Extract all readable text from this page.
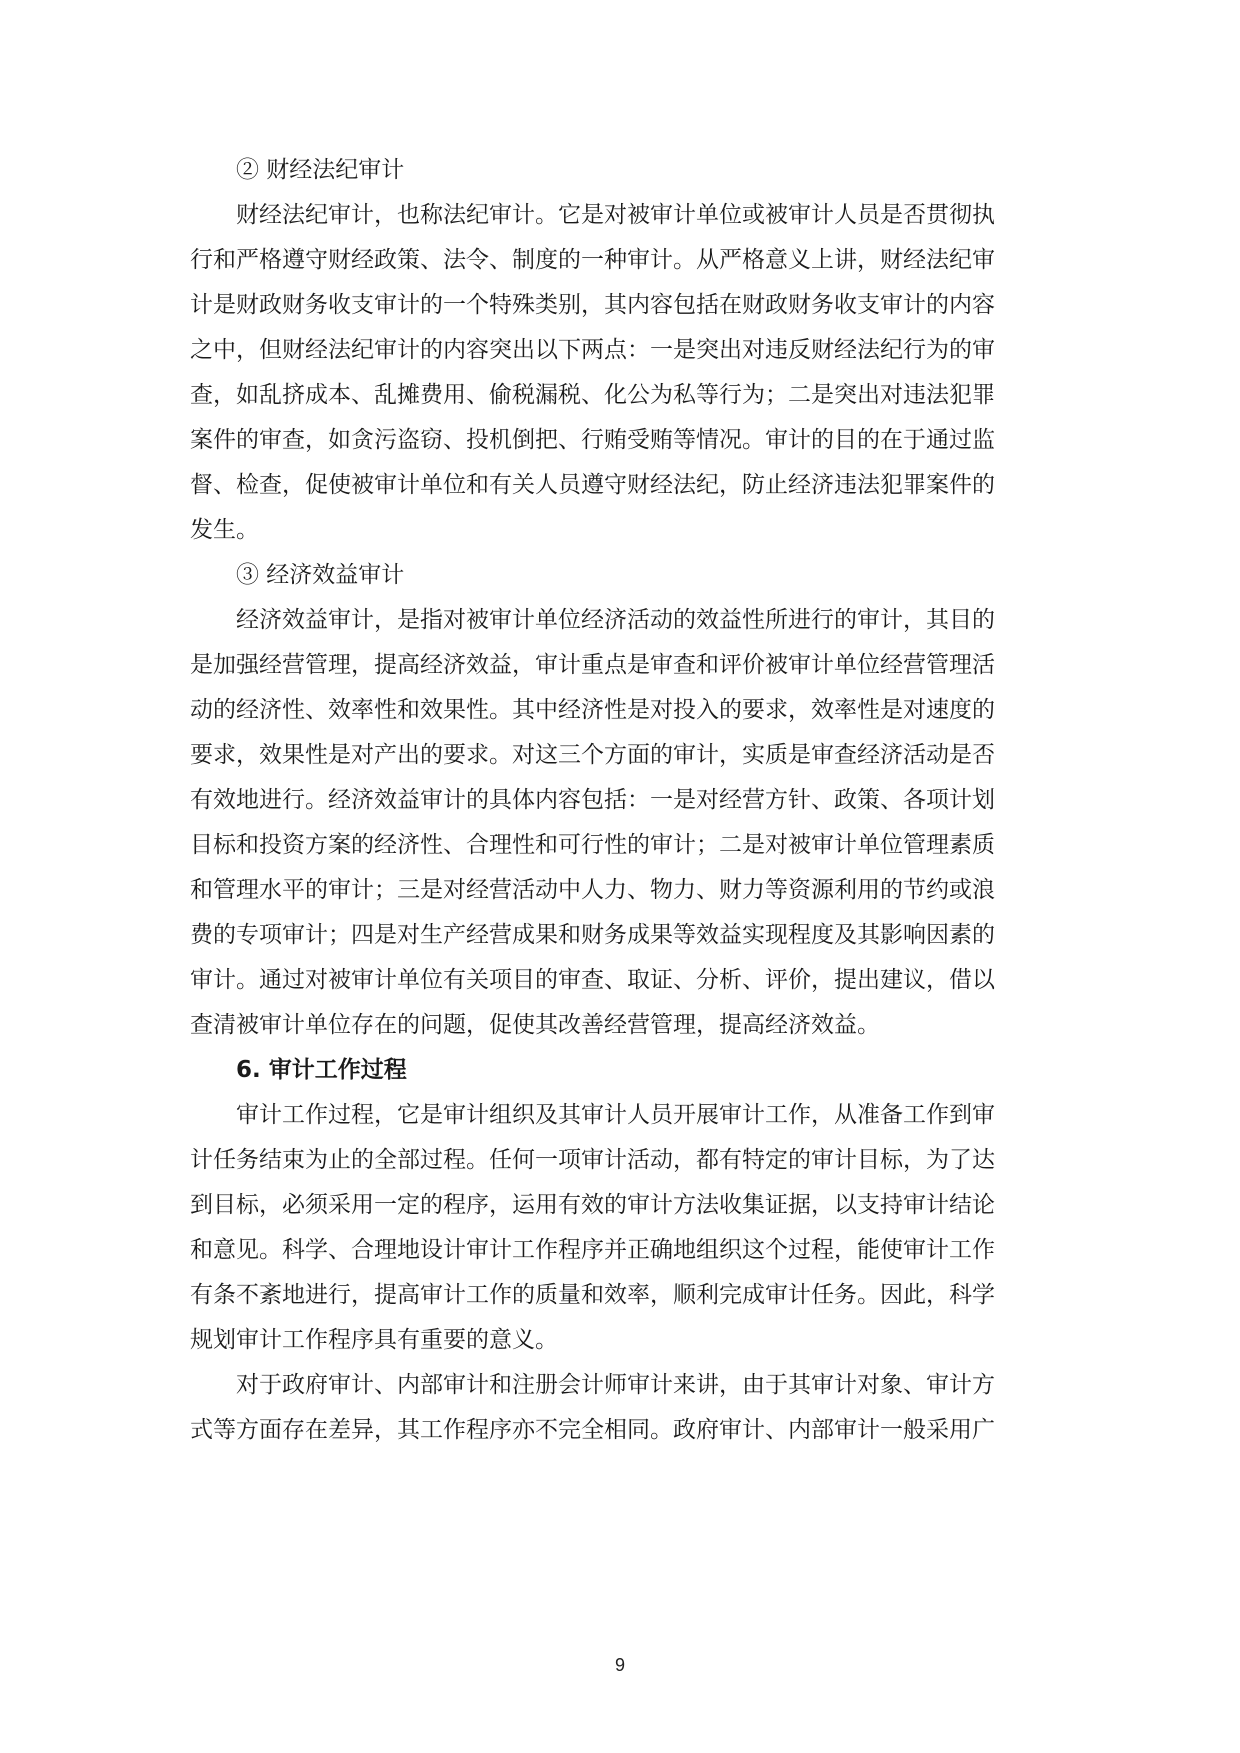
② 财经法纪审计
财经法纪审计，也称法纪审计。它是对被审计单位或被审计人员是否贯彻执
行和严格遵守财经政策、法令、制度的一种审计。从严格意义上讲，财经法纪审
计是财政财务收支审计的一个特殊类别，其内容包括在财政财务收支审计的内容
之中，但财经法纪审计的内容突出以下两点：一是突出对违反财经法纪行为的审
查，如乱挤成本、乱摊费用、偷税漏税、化公为私等行为；二是突出对违法犯罪
案件的审查，如贪污盗窃、投机倒把、行贿受贿等情况。审计的目的在于通过监
督、检查，促使被审计单位和有关人员遵守财经法纪，防止经济违法犯罪案件的
发生。
③ 经济效益审计
经济效益审计，是指对被审计单位经济活动的效益性所进行的审计，其目的
是加强经营管理，提高经济效益，审计重点是审查和评价被审计单位经营管理活
动的经济性、效率性和效果性。其中经济性是对投入的要求，效率性是对速度的
要求，效果性是对产出的要求。对这三个方面的审计，实质是审查经济活动是否
有效地进行。经济效益审计的具体内容包括：一是对经营方针、政策、各项计划
目标和投资方案的经济性、合理性和可行性的审计；二是对被审计单位管理素质
和管理水平的审计；三是对经营活动中人力、物力、财力等资源利用的节约或浪
费的专项审计；四是对生产经营成果和财务成果等效益实现程度及其影响因素的
审计。通过对被审计单位有关项目的审查、取证、分析、评价，提出建议，借以
查清被审计单位存在的问题，促使其改善经营管理，提高经济效益。
6. 审计工作过程
审计工作过程，它是审计组织及其审计人员开展审计工作，从准备工作到审
计任务结束为止的全部过程。任何一项审计活动，都有特定的审计目标，为了达
到目标，必须采用一定的程序，运用有效的审计方法收集证据，以支持审计结论
和意见。科学、合理地设计审计工作程序并正确地组织这个过程，能使审计工作
有条不紊地进行，提高审计工作的质量和效率，顺利完成审计任务。因此，科学
规划审计工作程序具有重要的意义。
对于政府审计、内部审计和注册会计师审计来讲，由于其审计对象、审计方
式等方面存在差异，其工作程序亦不完全相同。政府审计、内部审计一般采用广
9
